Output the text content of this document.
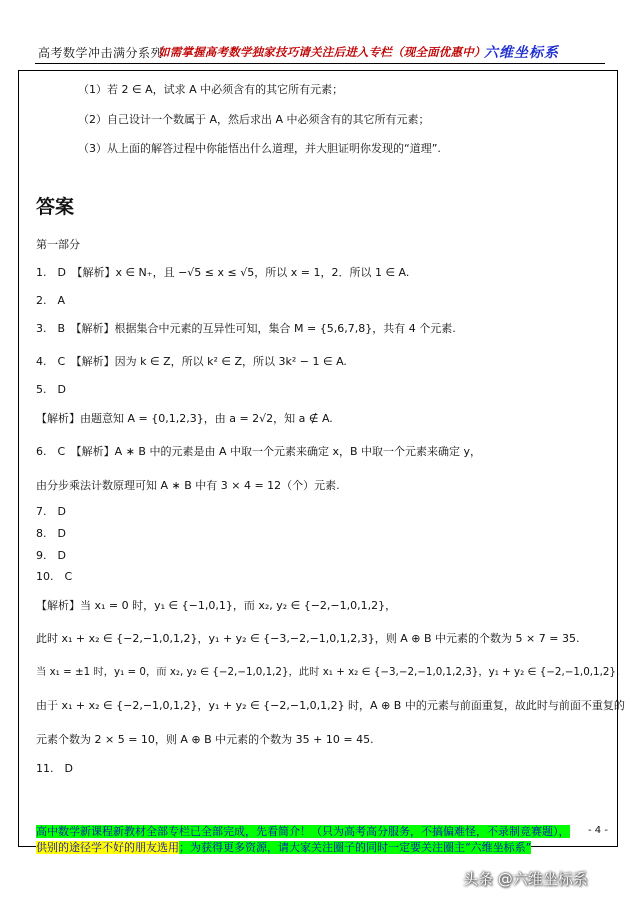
高考数学冲击满分系列
如需掌握高考数学独家技巧请关注后进入专栏（现全面优惠中）
六维坐标系
（1）若 2 ∈ A，试求 A 中必须含有的其它所有元素；
（2）自己设计一个数属于 A，然后求出 A 中必须含有的其它所有元素；
（3）从上面的解答过程中你能悟出什么道理，并大胆证明你发现的“道理”.
答案
第一部分
1.　D　【解析】x ∈ N₊，且 −√5 ≤ x ≤ √5，所以 x = 1，2．所以 1 ∈ A.
2.　A
3.　B　【解析】根据集合中元素的互异性可知，集合 M = {5,6,7,8}，共有 4 个元素.
4.　C　【解析】因为 k ∈ Z，所以 k² ∈ Z，所以 3k² − 1 ∈ A.
5.　D
【解析】由题意知 A = {0,1,2,3}，由 a = 2√2，知 a ∉ A.
6.　C　【解析】A ∗ B 中的元素是由 A 中取一个元素来确定 x，B 中取一个元素来确定 y，
由分步乘法计数原理可知 A ∗ B 中有 3 × 4 = 12（个）元素.
7.　D
8.　D
9.　D
10.　C
【解析】当 x₁ = 0 时，y₁ ∈ {−1,0,1}，而 x₂, y₂ ∈ {−2,−1,0,1,2}，
此时 x₁ + x₂ ∈ {−2,−1,0,1,2}，y₁ + y₂ ∈ {−3,−2,−1,0,1,2,3}，则 A ⊕ B 中元素的个数为 5 × 7 = 35.
当 x₁ = ±1 时，y₁ = 0，而 x₂, y₂ ∈ {−2,−1,0,1,2}，此时 x₁ + x₂ ∈ {−3,−2,−1,0,1,2,3}，y₁ + y₂ ∈ {−2,−1,0,1,2}.
由于 x₁ + x₂ ∈ {−2,−1,0,1,2}，y₁ + y₂ ∈ {−2,−1,0,1,2} 时，A ⊕ B 中的元素与前面重复，故此时与前面不重复的
元素个数为 2 × 5 = 10，则 A ⊕ B 中元素的个数为 35 + 10 = 45.
11.　D
高中数学新课程新教材全部专栏已全部完成，先看简介！（只为高考高分服务，不搞偏难怪，不录制竞赛题），
供别的途径学不好的朋友选用；为获得更多资源，请大家关注圈子的同时一定要关注圈主“六维坐标系”
- 4 -
头条 @六维坐标系
